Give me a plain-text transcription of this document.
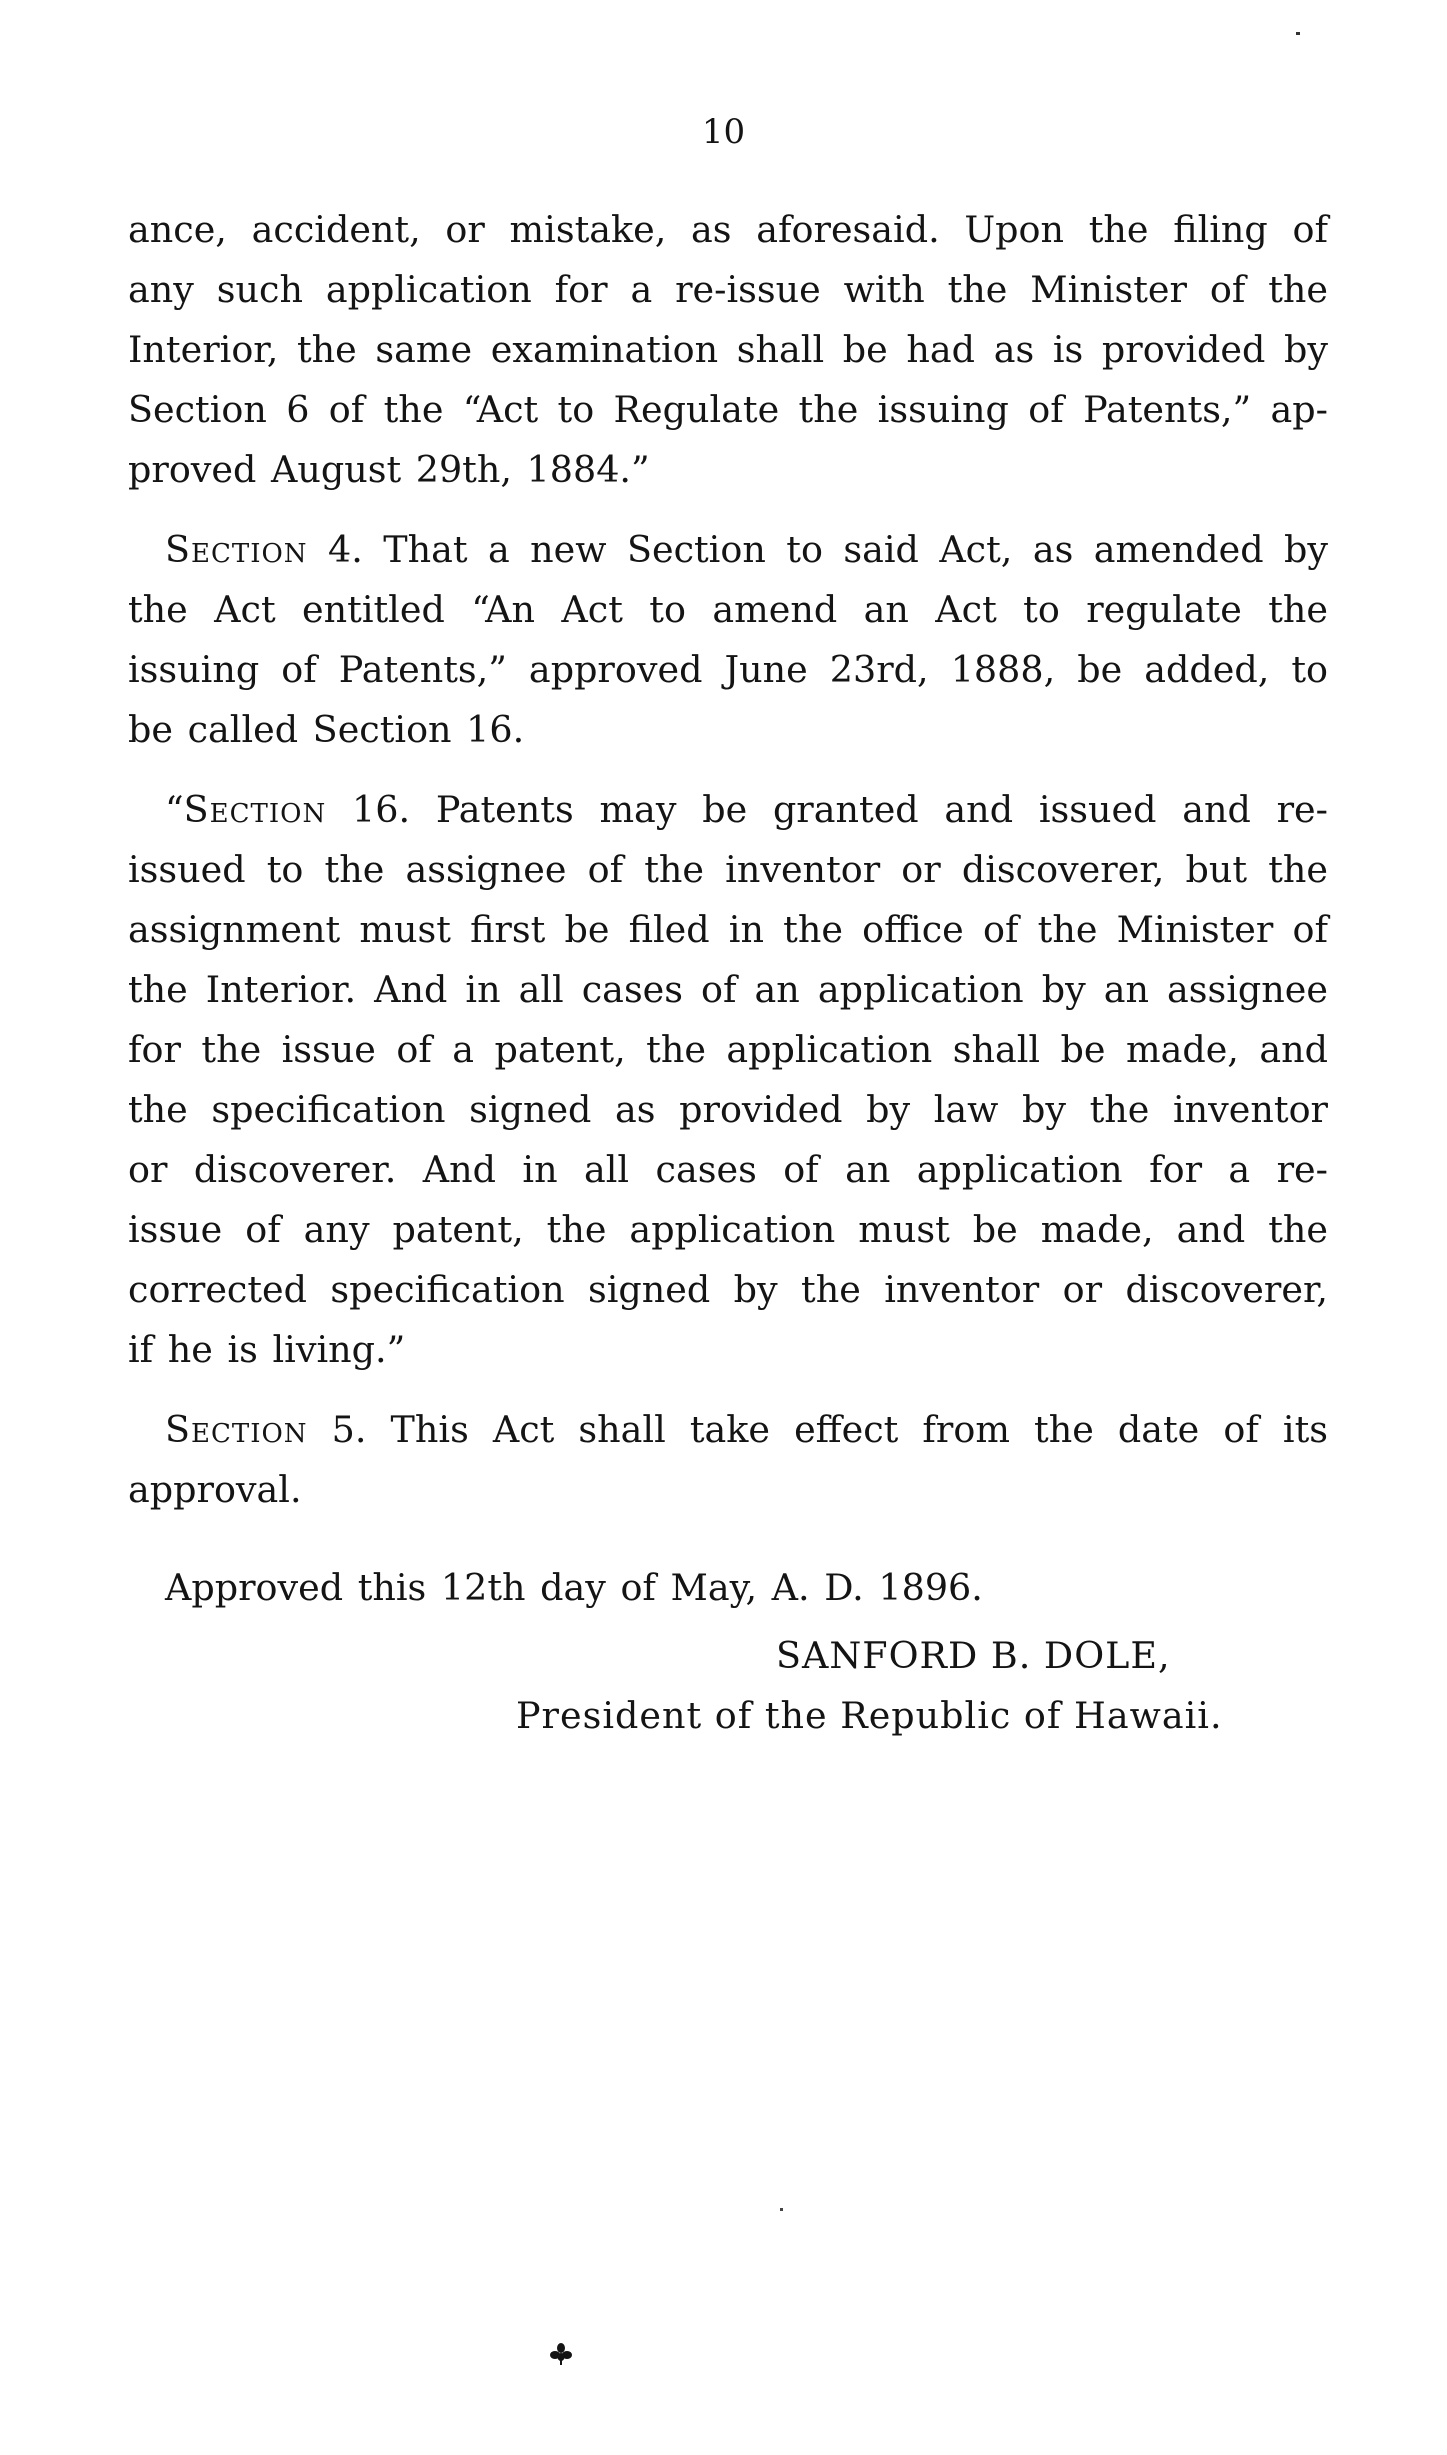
10
ance, accident, or mistake, as aforesaid. Upon the filing of
any such application for a re-issue with the Minister of the
Interior, the same examination shall be had as is provided by
Section 6 of the “Act to Regulate the issuing of Patents,” ap-
proved August 29th, 1884.”
Section 4. That a new Section to said Act, as amended by
the Act entitled “An Act to amend an Act to regulate the
issuing of Patents,” approved June 23rd, 1888, be added, to
be called Section 16.
“Section 16. Patents may be granted and issued and re-
issued to the assignee of the inventor or discoverer, but the
assignment must first be filed in the office of the Minister of
the Interior. And in all cases of an application by an assignee
for the issue of a patent, the application shall be made, and
the specification signed as provided by law by the inventor
or discoverer. And in all cases of an application for a re-
issue of any patent, the application must be made, and the
corrected specification signed by the inventor or discoverer,
if he is living.”
Section 5. This Act shall take effect from the date of its
approval.
Approved this 12th day of May, A. D. 1896.
SANFORD B. DOLE,
President of the Republic of Hawaii.
